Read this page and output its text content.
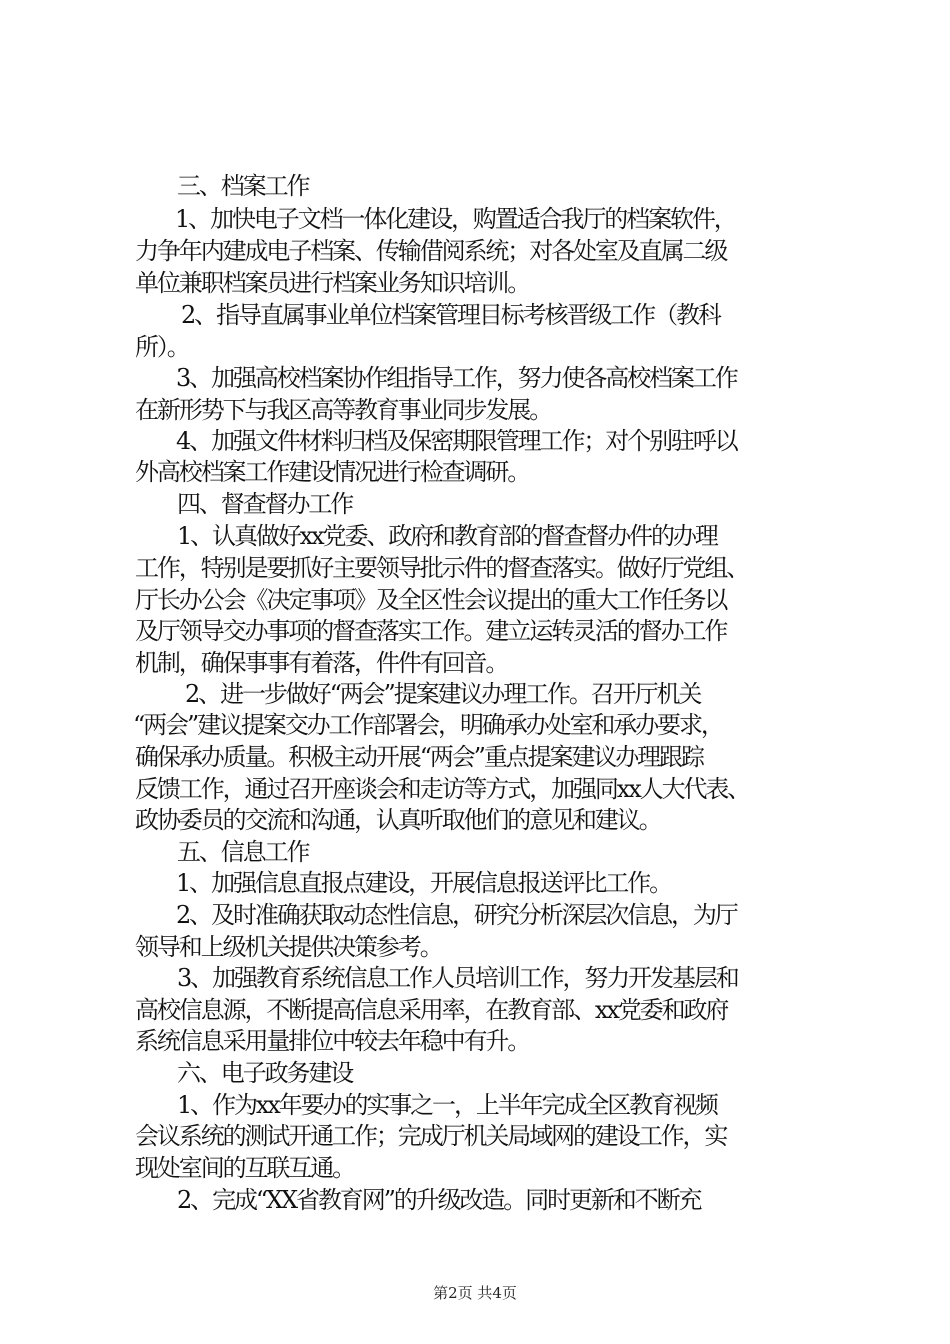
三、档案工作
1、加快电子文档一体化建设，购置适合我厅的档案软件，
力争年内建成电子档案、传输借阅系统；对各处室及直属二级
单位兼职档案员进行档案业务知识培训。
2、指导直属事业单位档案管理目标考核晋级工作（教科
所）。
3、加强高校档案协作组指导工作，努力使各高校档案工作
在新形势下与我区高等教育事业同步发展。
4、加强文件材料归档及保密期限管理工作；对个别驻呼以
外高校档案工作建设情况进行检查调研。
四、督查督办工作
1、认真做好xx党委、政府和教育部的督查督办件的办理
工作，特别是要抓好主要领导批示件的督查落实。做好厅党组、
厅长办公会《决定事项》及全区性会议提出的重大工作任务以
及厅领导交办事项的督查落实工作。建立运转灵活的督办工作
机制，确保事事有着落，件件有回音。
2、进一步做好“两会”提案建议办理工作。召开厅机关
“两会”建议提案交办工作部署会，明确承办处室和承办要求，
确保承办质量。积极主动开展“两会”重点提案建议办理跟踪
反馈工作，通过召开座谈会和走访等方式，加强同xx人大代表、
政协委员的交流和沟通，认真听取他们的意见和建议。
五、信息工作
1、加强信息直报点建设，开展信息报送评比工作。
2、及时准确获取动态性信息，研究分析深层次信息，为厅
领导和上级机关提供决策参考。
3、加强教育系统信息工作人员培训工作，努力开发基层和
高校信息源，不断提高信息采用率，在教育部、xx党委和政府
系统信息采用量排位中较去年稳中有升。
六、电子政务建设
1、作为xx年要办的实事之一，上半年完成全区教育视频
会议系统的测试开通工作；完成厅机关局域网的建设工作，实
现处室间的互联互通。
2、完成“XX省教育网”的升级改造。同时更新和不断充
第2页 共4页
